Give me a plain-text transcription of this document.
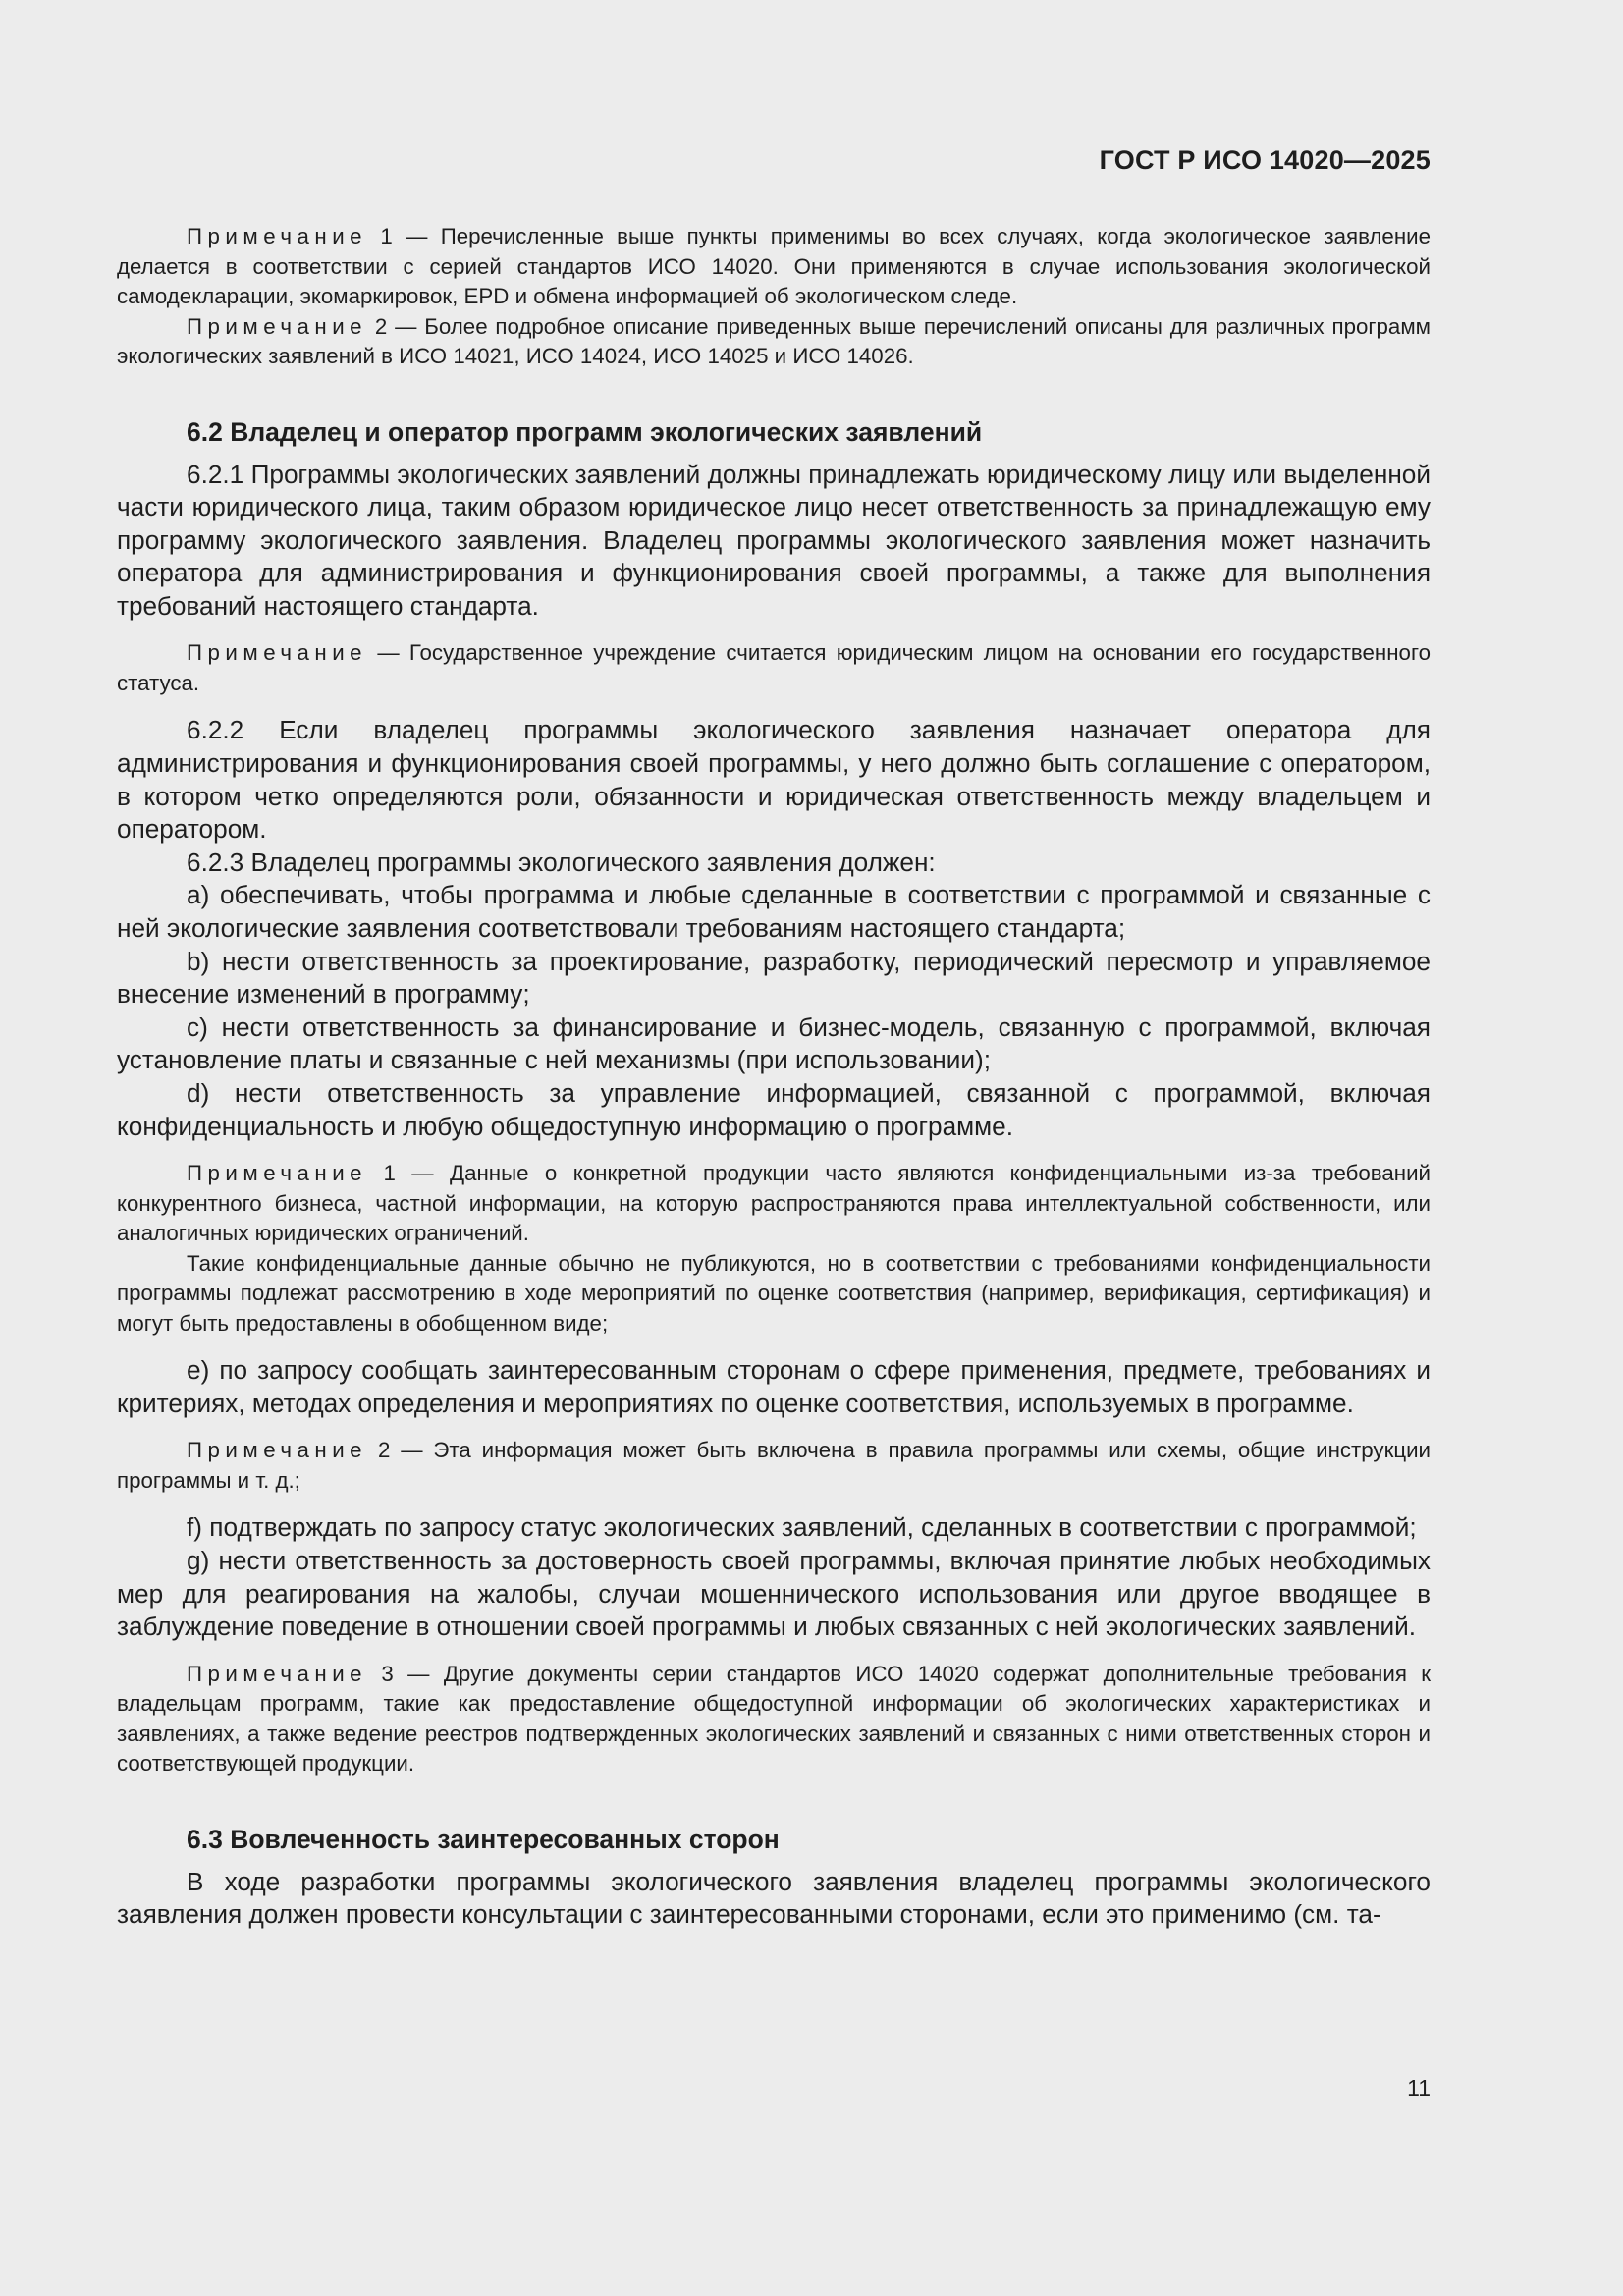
ГОСТ Р ИСО 14020—2025

Примечание 1 — Перечисленные выше пункты применимы во всех случаях, когда экологическое заявление делается в соответствии с серией стандартов ИСО 14020. Они применяются в случае использования экологической самодекларации, экомаркировок, EPD и обмена информацией об экологическом следе.

Примечание 2 — Более подробное описание приведенных выше перечислений описаны для различных программ экологических заявлений в ИСО 14021, ИСО 14024, ИСО 14025 и ИСО 14026.

6.2 Владелец и оператор программ экологических заявлений

6.2.1 Программы экологических заявлений должны принадлежать юридическому лицу или выделенной части юридического лица, таким образом юридическое лицо несет ответственность за принадлежащую ему программу экологического заявления. Владелец программы экологического заявления может назначить оператора для администрирования и функционирования своей программы, а также для выполнения требований настоящего стандарта.

Примечание — Государственное учреждение считается юридическим лицом на основании его государственного статуса.

6.2.2 Если владелец программы экологического заявления назначает оператора для администрирования и функционирования своей программы, у него должно быть соглашение с оператором, в котором четко определяются роли, обязанности и юридическая ответственность между владельцем и оператором.

6.2.3 Владелец программы экологического заявления должен:

a) обеспечивать, чтобы программа и любые сделанные в соответствии с программой и связанные с ней экологические заявления соответствовали требованиям настоящего стандарта;

b) нести ответственность за проектирование, разработку, периодический пересмотр и управляемое внесение изменений в программу;

c) нести ответственность за финансирование и бизнес-модель, связанную с программой, включая установление платы и связанные с ней механизмы (при использовании);

d) нести ответственность за управление информацией, связанной с программой, включая конфиденциальность и любую общедоступную информацию о программе.

Примечание 1 — Данные о конкретной продукции часто являются конфиденциальными из-за требований конкурентного бизнеса, частной информации, на которую распространяются права интеллектуальной собственности, или аналогичных юридических ограничений.

Такие конфиденциальные данные обычно не публикуются, но в соответствии с требованиями конфиденциальности программы подлежат рассмотрению в ходе мероприятий по оценке соответствия (например, верификация, сертификация) и могут быть предоставлены в обобщенном виде;

e) по запросу сообщать заинтересованным сторонам о сфере применения, предмете, требованиях и критериях, методах определения и мероприятиях по оценке соответствия, используемых в программе.

Примечание 2 — Эта информация может быть включена в правила программы или схемы, общие инструкции программы и т. д.;

f) подтверждать по запросу статус экологических заявлений, сделанных в соответствии с программой;

g) нести ответственность за достоверность своей программы, включая принятие любых необходимых мер для реагирования на жалобы, случаи мошеннического использования или другое вводящее в заблуждение поведение в отношении своей программы и любых связанных с ней экологических заявлений.

Примечание 3 — Другие документы серии стандартов ИСО 14020 содержат дополнительные требования к владельцам программ, такие как предоставление общедоступной информации об экологических характеристиках и заявлениях, а также ведение реестров подтвержденных экологических заявлений и связанных с ними ответственных сторон и соответствующей продукции.

6.3 Вовлеченность заинтересованных сторон

В ходе разработки программы экологического заявления владелец программы экологического заявления должен провести консультации с заинтересованными сторонами, если это применимо (см. та-

11
